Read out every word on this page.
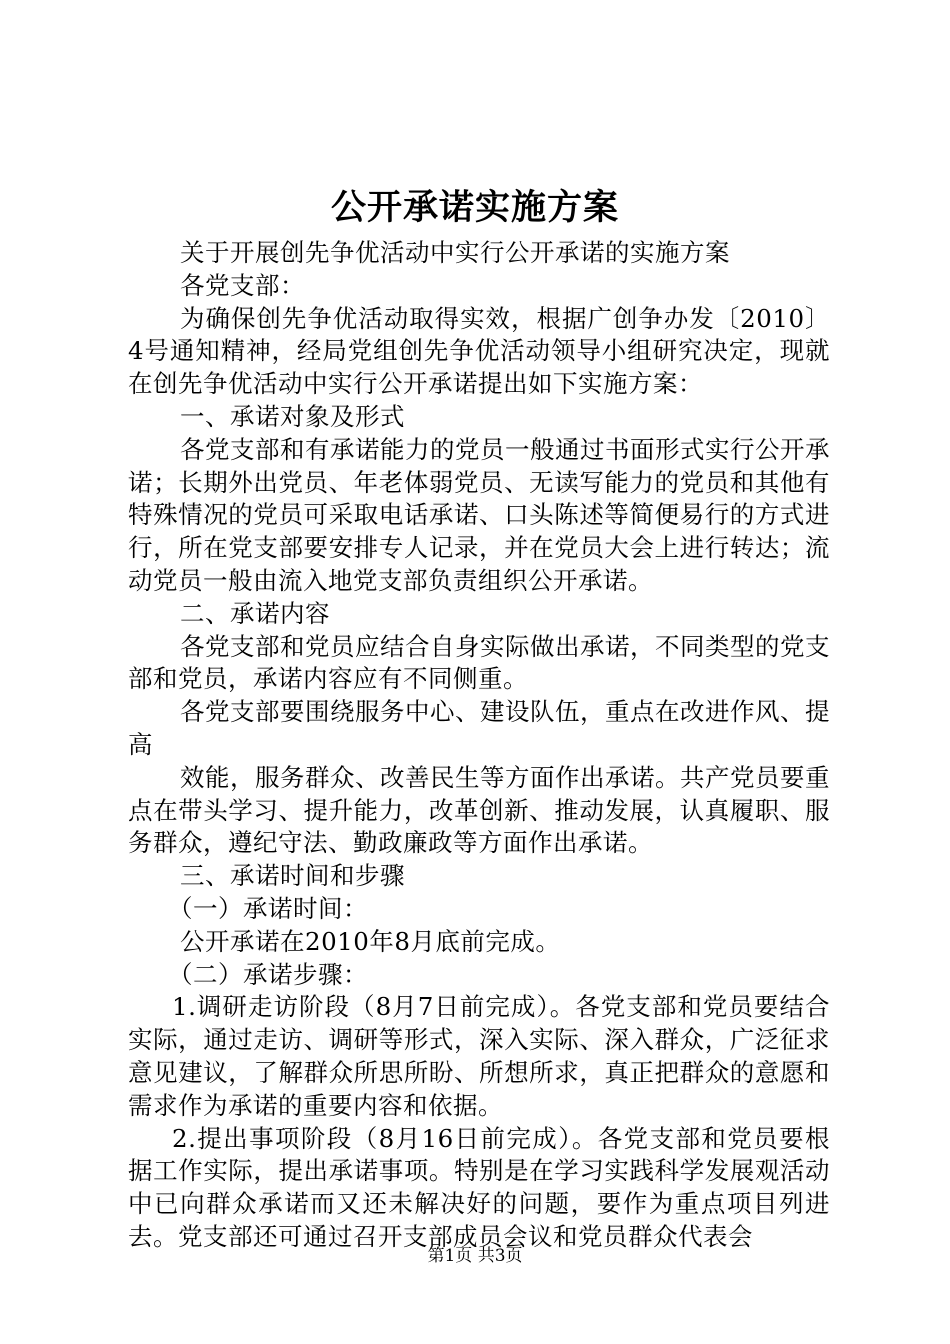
公开承诺实施方案

关于开展创先争优活动中实行公开承诺的实施方案

各党支部：

为确保创先争优活动取得实效，根据广创争办发〔2010〕4号通知精神，经局党组创先争优活动领导小组研究决定，现就在创先争优活动中实行公开承诺提出如下实施方案：

一、承诺对象及形式

各党支部和有承诺能力的党员一般通过书面形式实行公开承诺；长期外出党员、年老体弱党员、无读写能力的党员和其他有特殊情况的党员可采取电话承诺、口头陈述等简便易行的方式进行，所在党支部要安排专人记录，并在党员大会上进行转达；流动党员一般由流入地党支部负责组织公开承诺。

二、承诺内容

各党支部和党员应结合自身实际做出承诺，不同类型的党支部和党员，承诺内容应有不同侧重。

各党支部要围绕服务中心、建设队伍，重点在改进作风、提高

效能，服务群众、改善民生等方面作出承诺。共产党员要重点在带头学习、提升能力，改革创新、推动发展，认真履职、服务群众，遵纪守法、勤政廉政等方面作出承诺。

三、承诺时间和步骤

（一）承诺时间：

公开承诺在2010年8月底前完成。

（二）承诺步骤：

1.调研走访阶段（8月7日前完成）。各党支部和党员要结合实际，通过走访、调研等形式，深入实际、深入群众，广泛征求意见建议，了解群众所思所盼、所想所求，真正把群众的意愿和需求作为承诺的重要内容和依据。

2.提出事项阶段（8月16日前完成）。各党支部和党员要根据工作实际，提出承诺事项。特别是在学习实践科学发展观活动中已向群众承诺而又还未解决好的问题，要作为重点项目列进去。党支部还可通过召开支部成员会议和党员群众代表会

第1页 共3页
